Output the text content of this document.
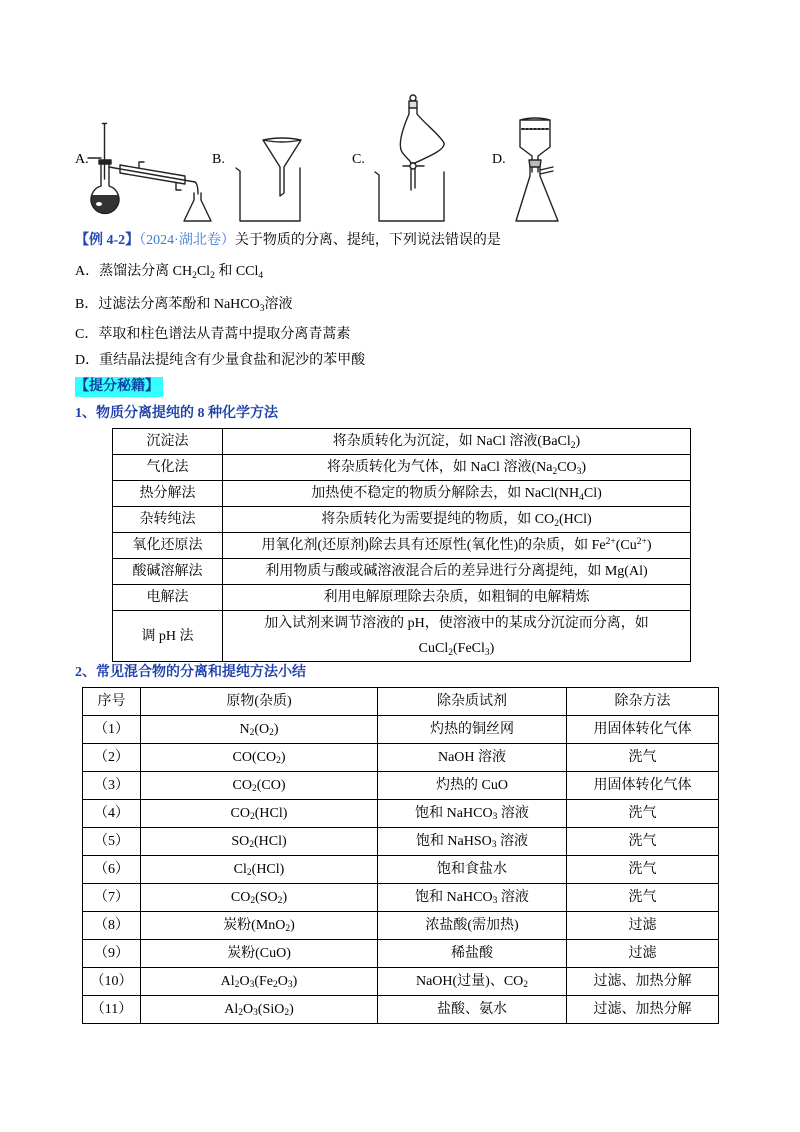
A.	B.	C.	D.
【例 4-2】（2024·湖北卷）关于物质的分离、提纯，下列说法错误的是
A．蒸馏法分离 $CH_2Cl_2$ 和 CCl$_4$
B．过滤法分离苯酚和 NaHCO$_3$溶液
C．萃取和柱色谱法从青蒿中提取分离青蒿素
D．重结晶法提纯含有少量食盐和泥沙的苯甲酸
【提分秘籍】
1、物质分离提纯的 8 种化学方法
沉淀法	将杂质转化为沉淀，如 NaCl 溶液(BaCl$_2$)
气化法	将杂质转化为气体，如 NaCl 溶液$(Na_2CO_3)$
热分解法	加热使不稳定的物质分解除去，如 $NaCl(NH_4Cl)$
杂转纯法	将杂质转化为需要提纯的物质，如 $CO_2(HCl)$
氧化还原法	用氧化剂(还原剂)除去具有还原性(氧化性)的杂质，如 $Fe^{2+}(Cu^{2+})$
酸碱溶解法	利用物质与酸或碱溶液混合后的差异进行分离提纯，如 Mg(Al)
电解法	利用电解原理除去杂质，如粗铜的电解精炼
调 pH 法	加入试剂来调节溶液的 pH，使溶液中的某成分沉淀而分离，如
CuCl$_2$(FeCl$_3$)
2、常见混合物的分离和提纯方法小结
序号	原物(杂质)	除杂质试剂	除杂方法
（1）	$N_2(O_2)$	灼热的铜丝网	用固体转化气体
（2）	$CO(CO_2)$	NaOH 溶液	洗气
（3）	$CO_2(CO)$	灼热的 CuO	用固体转化气体
（4）	$CO_2(HCl)$	饱和 NaHCO$_3$ 溶液	洗气
（5）	$SO_2(HCl)$	饱和 NaHSO$_3$ 溶液	洗气
（6）	$Cl_2(HCl)$	饱和食盐水	洗气
（7）	$CO_2(SO_2)$	饱和 NaHCO$_3$ 溶液	洗气
（8）	炭粉(MnO$_2$)	浓盐酸(需加热)	过滤
（9）	炭粉(CuO)	稀盐酸	过滤
（10）	$Al_2O_3(Fe_2O_3)$	NaOH(过量)、$CO_2$	过滤、加热分解
（11）	$Al_2O_3(SiO_2)$	盐酸、氨水	过滤、加热分解
